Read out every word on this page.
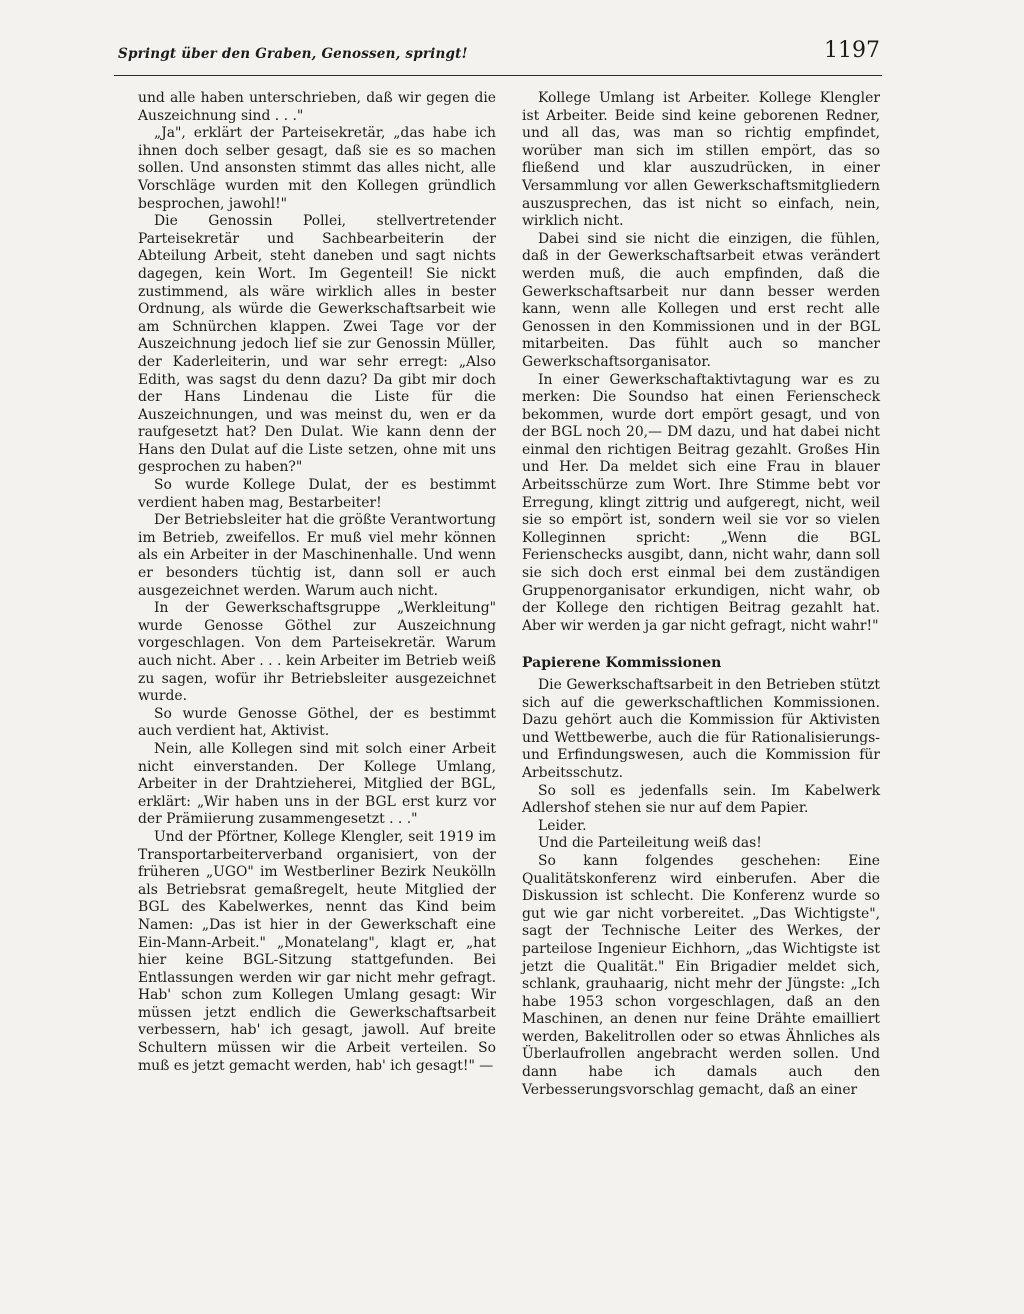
Springt über den Graben, Genossen, springt!	1197

und alle haben unterschrieben, daß wir gegen die Auszeichnung sind . . ."

„Ja", erklärt der Parteisekretär, „das habe ich ihnen doch selber gesagt, daß sie es so machen sollen. Und ansonsten stimmt das alles nicht, alle Vorschläge wurden mit den Kollegen gründlich besprochen, jawohl!"

Die Genossin Pollei, stellvertretender Parteisekretär und Sachbearbeiterin der Abteilung Arbeit, steht daneben und sagt nichts dagegen, kein Wort. Im Gegenteil! Sie nickt zustimmend, als wäre wirklich alles in bester Ordnung, als würde die Gewerkschaftsarbeit wie am Schnürchen klappen. Zwei Tage vor der Auszeichnung jedoch lief sie zur Genossin Müller, der Kaderleiterin, und war sehr erregt: „Also Edith, was sagst du denn dazu? Da gibt mir doch der Hans Lindenau die Liste für die Auszeichnungen, und was meinst du, wen er da raufgesetzt hat? Den Dulat. Wie kann denn der Hans den Dulat auf die Liste setzen, ohne mit uns gesprochen zu haben?"

So wurde Kollege Dulat, der es bestimmt verdient haben mag, Bestarbeiter!

Der Betriebsleiter hat die größte Verantwortung im Betrieb, zweifellos. Er muß viel mehr können als ein Arbeiter in der Maschinenhalle. Und wenn er besonders tüchtig ist, dann soll er auch ausgezeichnet werden. Warum auch nicht.

In der Gewerkschaftsgruppe „Werkleitung" wurde Genosse Göthel zur Auszeichnung vorgeschlagen. Von dem Parteisekretär. Warum auch nicht. Aber . . . kein Arbeiter im Betrieb weiß zu sagen, wofür ihr Betriebsleiter ausgezeichnet wurde.

So wurde Genosse Göthel, der es bestimmt auch verdient hat, Aktivist.

Nein, alle Kollegen sind mit solch einer Arbeit nicht einverstanden. Der Kollege Umlang, Arbeiter in der Drahtzieherei, Mitglied der BGL, erklärt: „Wir haben uns in der BGL erst kurz vor der Prämiierung zusammengesetzt . . ."

Und der Pförtner, Kollege Klengler, seit 1919 im Transportarbeiterverband organisiert, von der früheren „UGO" im Westberliner Bezirk Neukölln als Betriebsrat gemaßregelt, heute Mitglied der BGL des Kabelwerkes, nennt das Kind beim Namen: „Das ist hier in der Gewerkschaft eine Ein-Mann-Arbeit." „Monatelang", klagt er, „hat hier keine BGL-Sitzung stattgefunden. Bei Entlassungen werden wir gar nicht mehr gefragt. Hab' schon zum Kollegen Umlang gesagt: Wir müssen jetzt endlich die Gewerkschaftsarbeit verbessern, hab' ich gesagt, jawoll. Auf breite Schultern müssen wir die Arbeit verteilen. So muß es jetzt gemacht werden, hab' ich gesagt!" —

Kollege Umlang ist Arbeiter. Kollege Klengler ist Arbeiter. Beide sind keine geborenen Redner, und all das, was man so richtig empfindet, worüber man sich im stillen empört, das so fließend und klar auszudrücken, in einer Versammlung vor allen Gewerkschaftsmitgliedern auszusprechen, das ist nicht so einfach, nein, wirklich nicht.

Dabei sind sie nicht die einzigen, die fühlen, daß in der Gewerkschaftsarbeit etwas verändert werden muß, die auch empfinden, daß die Gewerkschaftsarbeit nur dann besser werden kann, wenn alle Kollegen und erst recht alle Genossen in den Kommissionen und in der BGL mitarbeiten. Das fühlt auch so mancher Gewerkschaftsorganisator.

In einer Gewerkschaftaktivtagung war es zu merken: Die Soundso hat einen Ferienscheck bekommen, wurde dort empört gesagt, und von der BGL noch 20,— DM dazu, und hat dabei nicht einmal den richtigen Beitrag gezahlt. Großes Hin und Her. Da meldet sich eine Frau in blauer Arbeitsschürze zum Wort. Ihre Stimme bebt vor Erregung, klingt zittrig und aufgeregt, nicht, weil sie so empört ist, sondern weil sie vor so vielen Kolleginnen spricht: „Wenn die BGL Ferienschecks ausgibt, dann, nicht wahr, dann soll sie sich doch erst einmal bei dem zuständigen Gruppenorganisator erkundigen, nicht wahr, ob der Kollege den richtigen Beitrag gezahlt hat. Aber wir werden ja gar nicht gefragt, nicht wahr!"

Papierene Kommissionen

Die Gewerkschaftsarbeit in den Betrieben stützt sich auf die gewerkschaftlichen Kommissionen. Dazu gehört auch die Kommission für Aktivisten und Wettbewerbe, auch die für Rationalisierungs- und Erfindungswesen, auch die Kommission für Arbeitsschutz.

So soll es jedenfalls sein. Im Kabelwerk Adlershof stehen sie nur auf dem Papier.

Leider.

Und die Parteileitung weiß das!

So kann folgendes geschehen: Eine Qualitätskonferenz wird einberufen. Aber die Diskussion ist schlecht. Die Konferenz wurde so gut wie gar nicht vorbereitet. „Das Wichtigste", sagt der Technische Leiter des Werkes, der parteilose Ingenieur Eichhorn, „das Wichtigste ist jetzt die Qualität." Ein Brigadier meldet sich, schlank, grauhaarig, nicht mehr der Jüngste: „Ich habe 1953 schon vorgeschlagen, daß an den Maschinen, an denen nur feine Drähte emailliert werden, Bakelitrollen oder so etwas Ähnliches als Überlaufrollen angebracht werden sollen. Und dann habe ich damals auch den Verbesserungsvorschlag gemacht, daß an einer
